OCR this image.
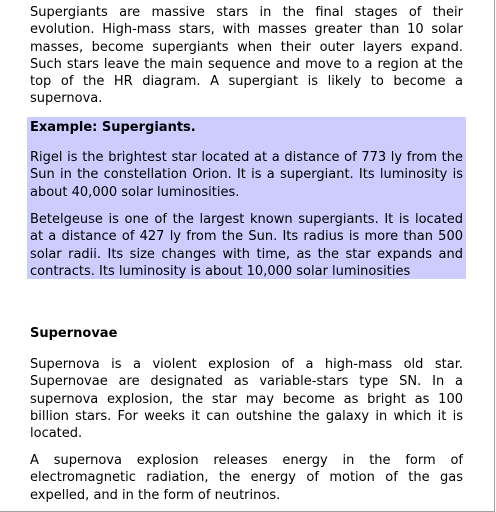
Supergiants are massive stars in the final stages of their evolution. High-mass stars, with masses greater than 10 solar masses, become supergiants when their outer layers expand. Such stars leave the main sequence and move to a region at the top of the HR diagram. A supergiant is likely to become a supernova.

Example: Supergiants.

Rigel is the brightest star located at a distance of 773 ly from the Sun in the constellation Orion. It is a supergiant. Its luminosity is about 40,000 solar luminosities.

Betelgeuse is one of the largest known supergiants. It is located at a distance of 427 ly from the Sun. Its radius is more than 500 solar radii. Its size changes with time, as the star expands and contracts. Its luminosity is about 10,000 solar luminosities

Supernovae

Supernova is a violent explosion of a high-mass old star. Supernovae are designated as variable-stars type SN. In a supernova explosion, the star may become as bright as 100 billion stars. For weeks it can outshine the galaxy in which it is located.

A supernova explosion releases energy in the form of electromagnetic radiation, the energy of motion of the gas expelled, and in the form of neutrinos.
